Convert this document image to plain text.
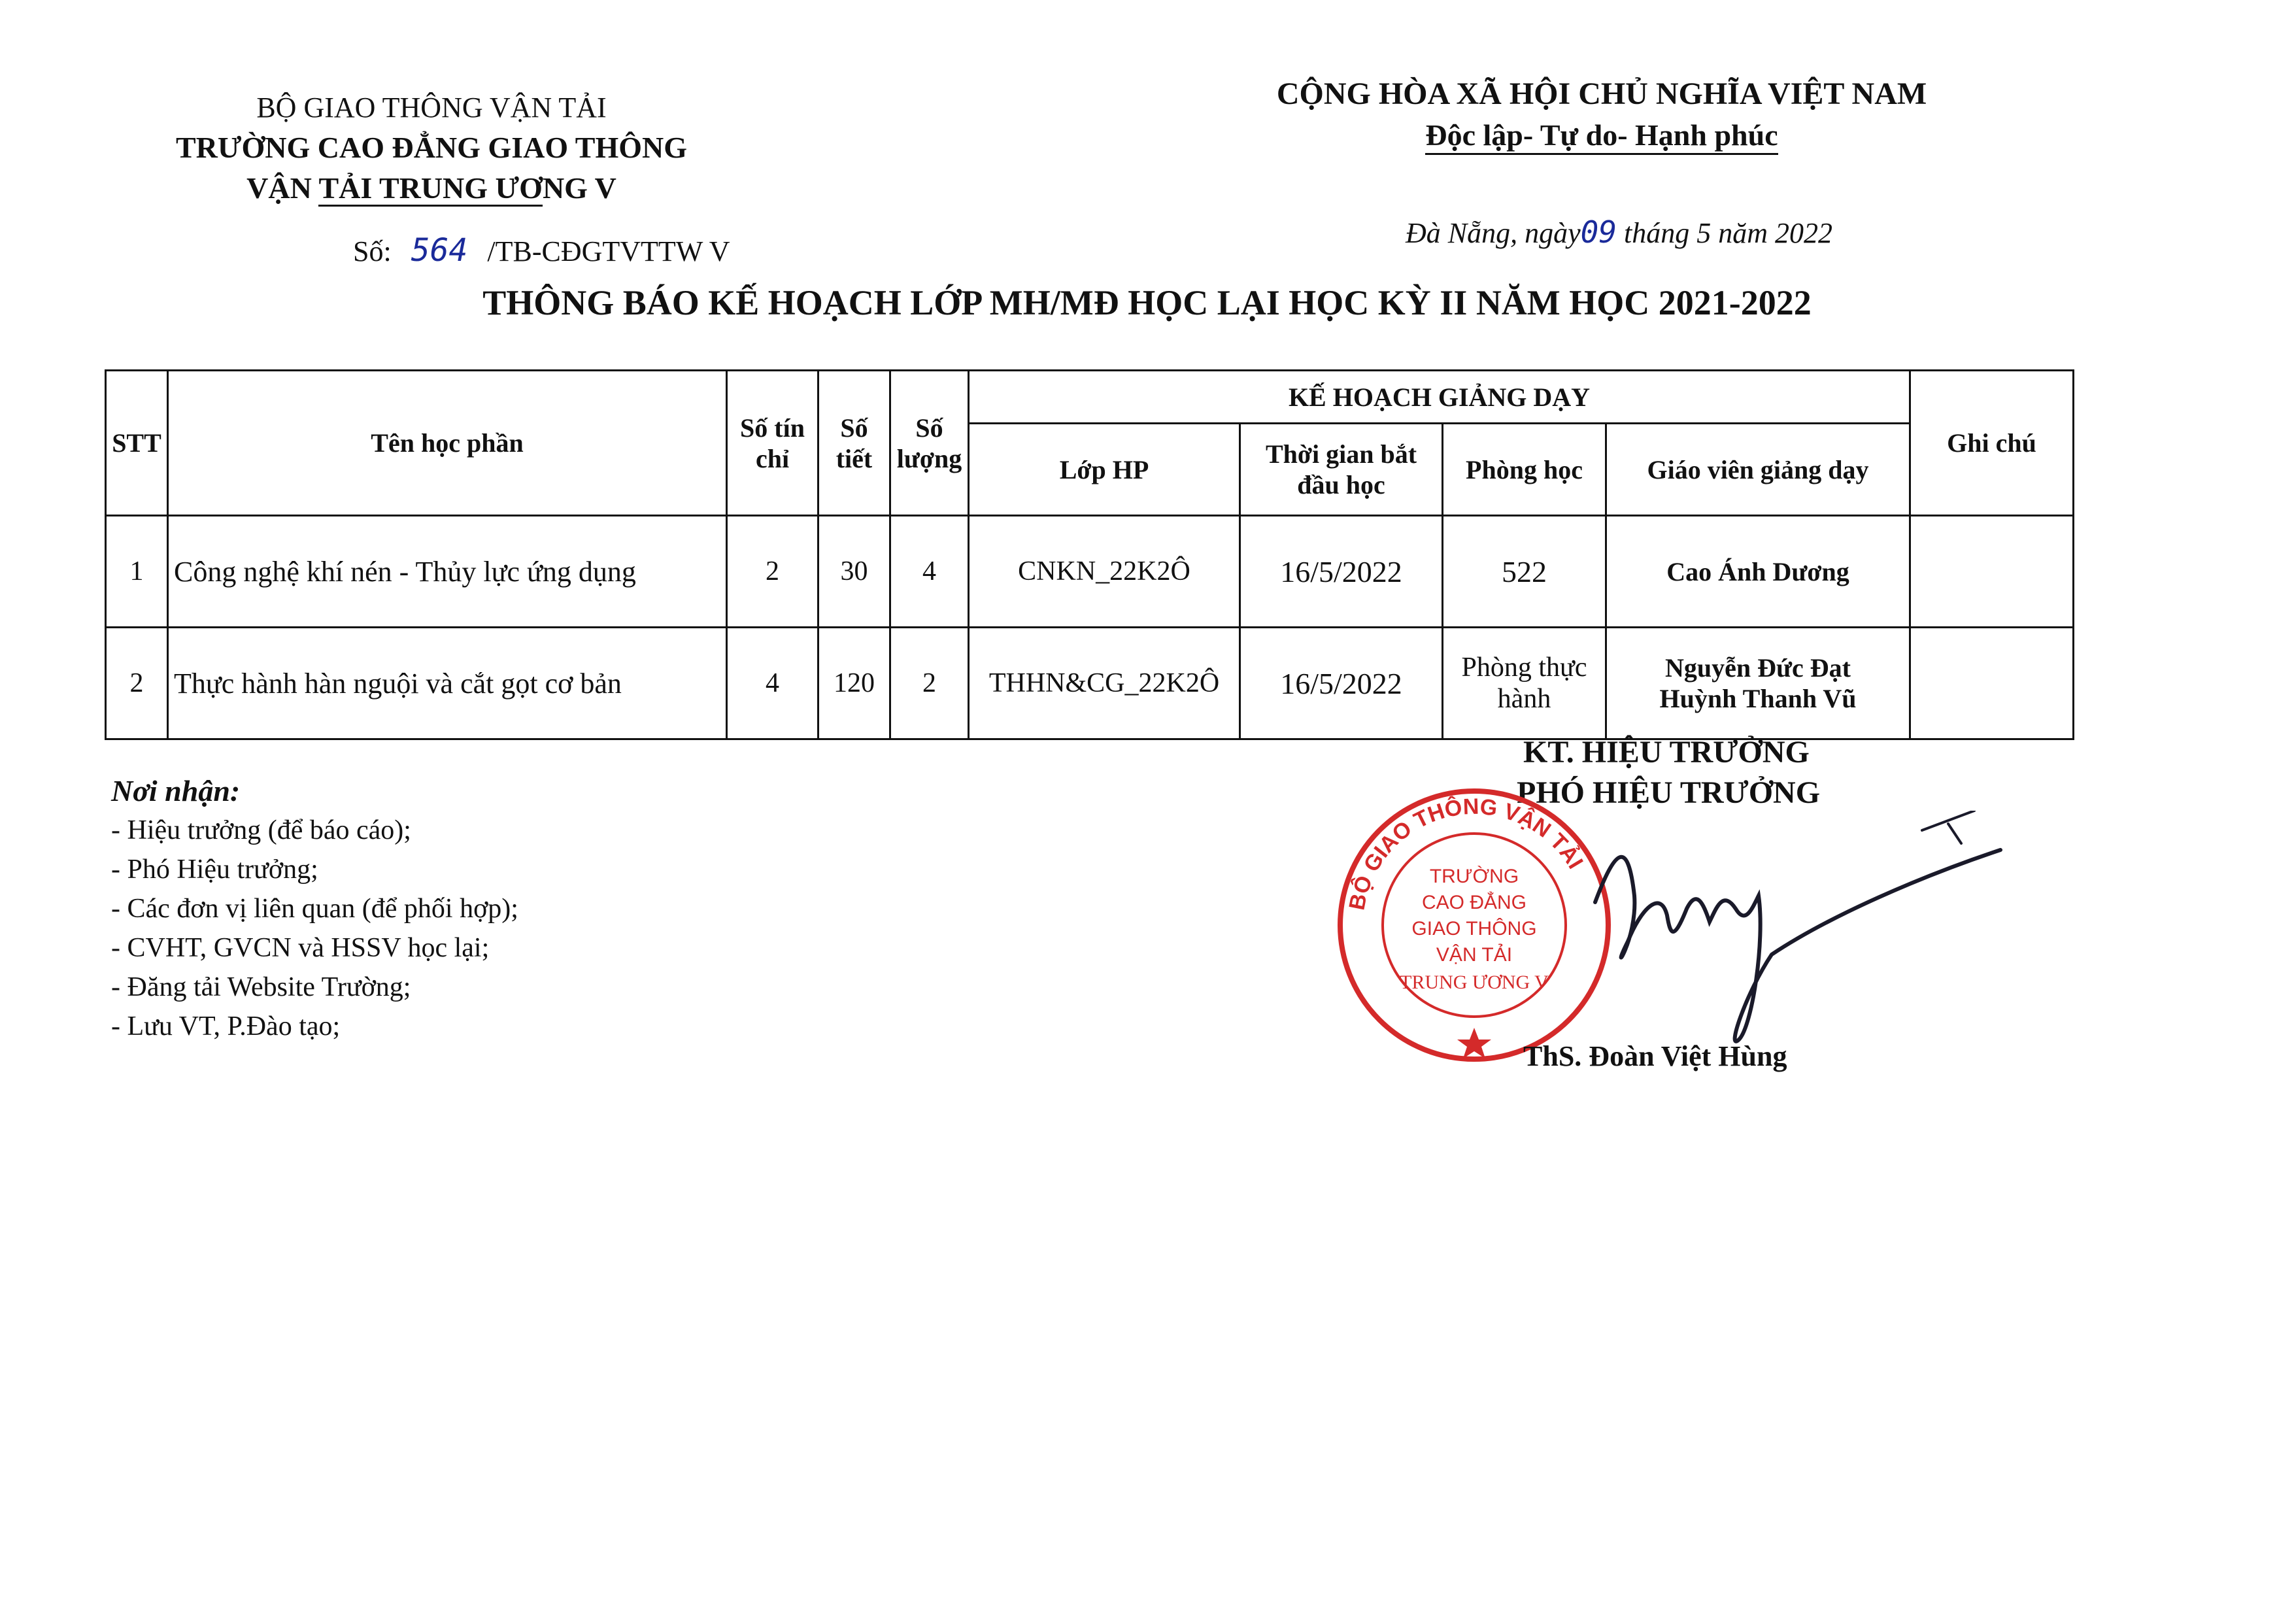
BỘ GIAO THÔNG VẬN TẢI
TRƯỜNG CAO ĐẲNG GIAO THÔNG
VẬN TẢI TRUNG ƯƠNG V
Số: 564 /TB-CĐGTVTTW V
CỘNG HÒA XÃ HỘI CHỦ NGHĨA VIỆT NAM
Độc lập- Tự do- Hạnh phúc
Đà Nẵng, ngày09 tháng 5 năm 2022
THÔNG BÁO KẾ HOẠCH LỚP MH/MĐ HỌC LẠI HỌC KỲ II NĂM HỌC 2021-2022
STT	Tên học phần	Số tín chỉ	Số tiết	Số lượng	KẾ HOẠCH GIẢNG DẠY				Ghi chú
					Lớp HP	Thời gian bắt đầu học	Phòng học	Giáo viên giảng dạy	
1	Công nghệ khí nén - Thủy lực ứng dụng	2	30	4	CNKN_22K2Ô	16/5/2022	522	Cao Ánh Dương	

2	Thực hành hàn nguội và cắt gọt cơ bản	4	120	2	THHN&CG_22K2Ô	16/5/2022	Phòng thực hành	Nguyễn Đức Đạt
Huỳnh Thanh Vũ	

Nơi nhận:
- Hiệu trưởng (để báo cáo);
- Phó Hiệu trưởng;
- Các đơn vị liên quan (để phối hợp);
- CVHT, GVCN và HSSV học lại;
- Đăng tải Website Trường;
- Lưu VT, P.Đào tạo;
KT. HIỆU TRƯỞNG
PHÓ HIỆU TRƯỞNG
BỘ GIAO THÔNG VẬN TẢI
TRƯỜNG
CAO ĐẲNG
GIAO THÔNG
VẬN TẢI
TRUNG ƯƠNG V
ThS. Đoàn Việt Hùng
